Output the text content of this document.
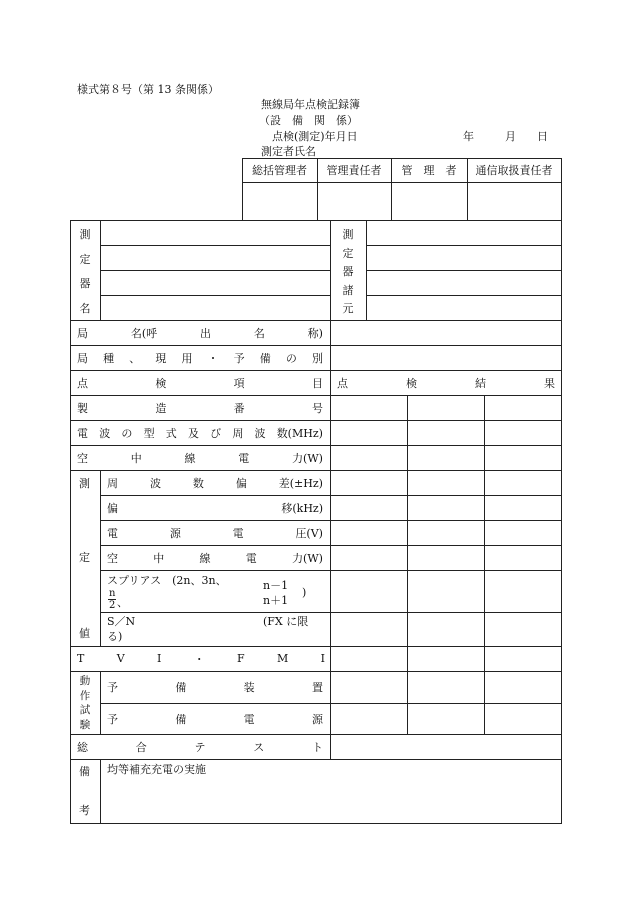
様式第８号（第 13 条関係）
無線局年点検記録簿
（設　備　関　係）
点検(測定)年月日	年	月 日
測定者氏名
総括管理者	管理責任者	管　理　者	通信取扱責任者
測
定
器
名
測
定
器
諸
元
局	名(呼	出	名	称)
局 種 、 現 用 ・ 予 備 の 別
点	検	項	目 点	検	結	果
製	造	番	号
電 波 の 型 式 及 び 周 波 数(MHz)
空	中	線	電	力(W)
測
定
値
周	波	数	偏	差(±Hz)
偏	移(kHz)
電	源	電	圧(V)
空	中	線	電	力(W)
スプリアス　(2n、3n、
n
2 、
n－1
n＋1
)
S／N	(FX に限
る)
T	V	I	・	F	M	I
動
作
試
験
予	備	装	置
予	備	電	源
総	合	テ	ス	ト
備
考
均等補充充電の実施
